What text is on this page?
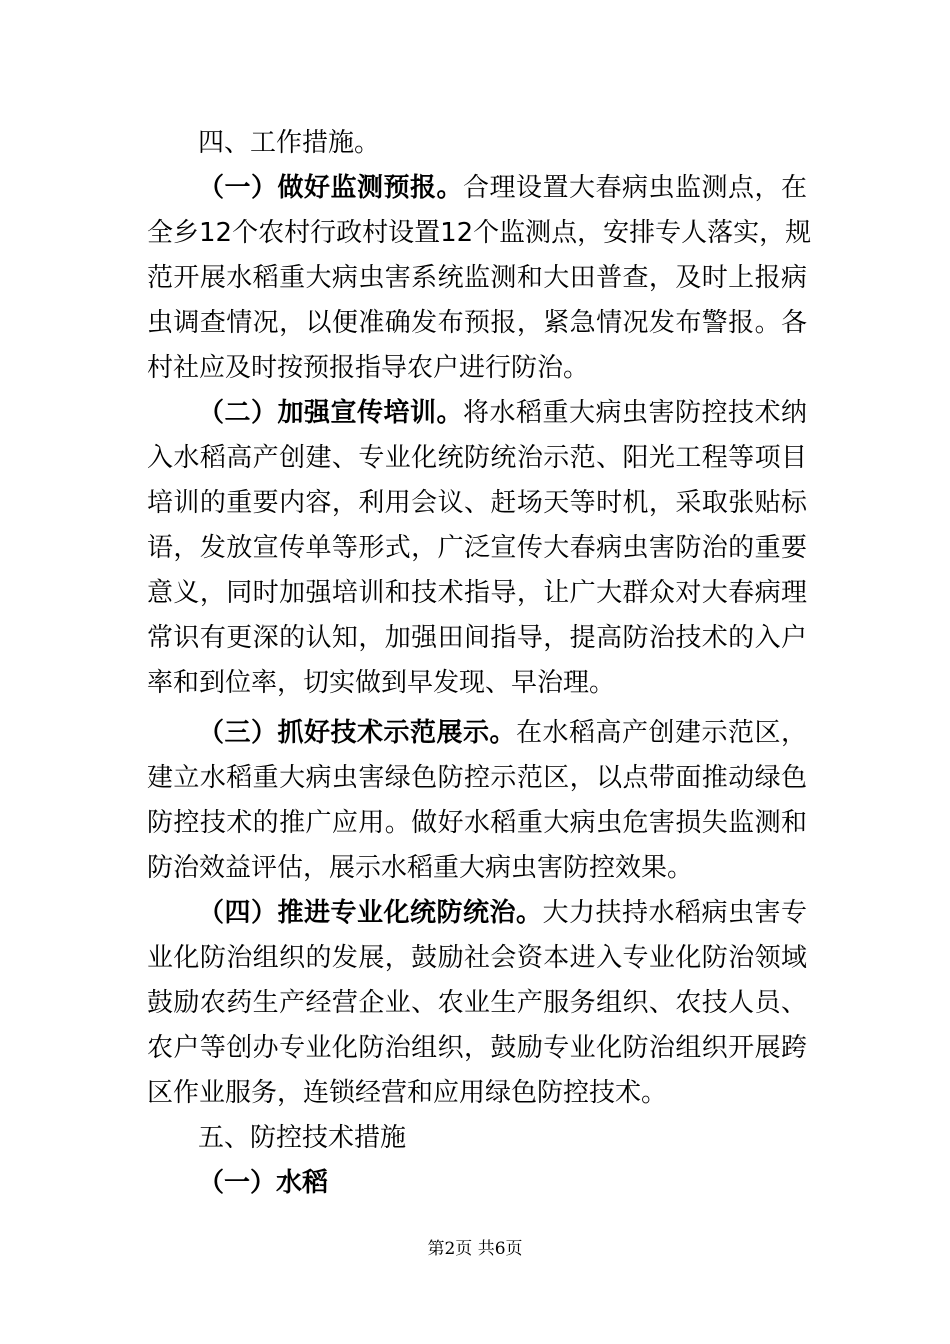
四、工作措施。
（一）做好监测预报。合理设置大春病虫监测点，在
全乡12个农村行政村设置12个监测点，安排专人落实，规
范开展水稻重大病虫害系统监测和大田普查，及时上报病
虫调查情况，以便准确发布预报，紧急情况发布警报。各
村社应及时按预报指导农户进行防治。
（二）加强宣传培训。将水稻重大病虫害防控技术纳
入水稻高产创建、专业化统防统治示范、阳光工程等项目
培训的重要内容，利用会议、赶场天等时机，采取张贴标
语，发放宣传单等形式，广泛宣传大春病虫害防治的重要
意义，同时加强培训和技术指导，让广大群众对大春病理
常识有更深的认知，加强田间指导，提高防治技术的入户
率和到位率，切实做到早发现、早治理。
（三）抓好技术示范展示。在水稻高产创建示范区，
建立水稻重大病虫害绿色防控示范区，以点带面推动绿色
防控技术的推广应用。做好水稻重大病虫危害损失监测和
防治效益评估，展示水稻重大病虫害防控效果。
（四）推进专业化统防统治。大力扶持水稻病虫害专
业化防治组织的发展，鼓励社会资本进入专业化防治领域
鼓励农药生产经营企业、农业生产服务组织、农技人员、
农户等创办专业化防治组织，鼓励专业化防治组织开展跨
区作业服务，连锁经营和应用绿色防控技术。
五、防控技术措施
（一）水稻
第2页 共6页
